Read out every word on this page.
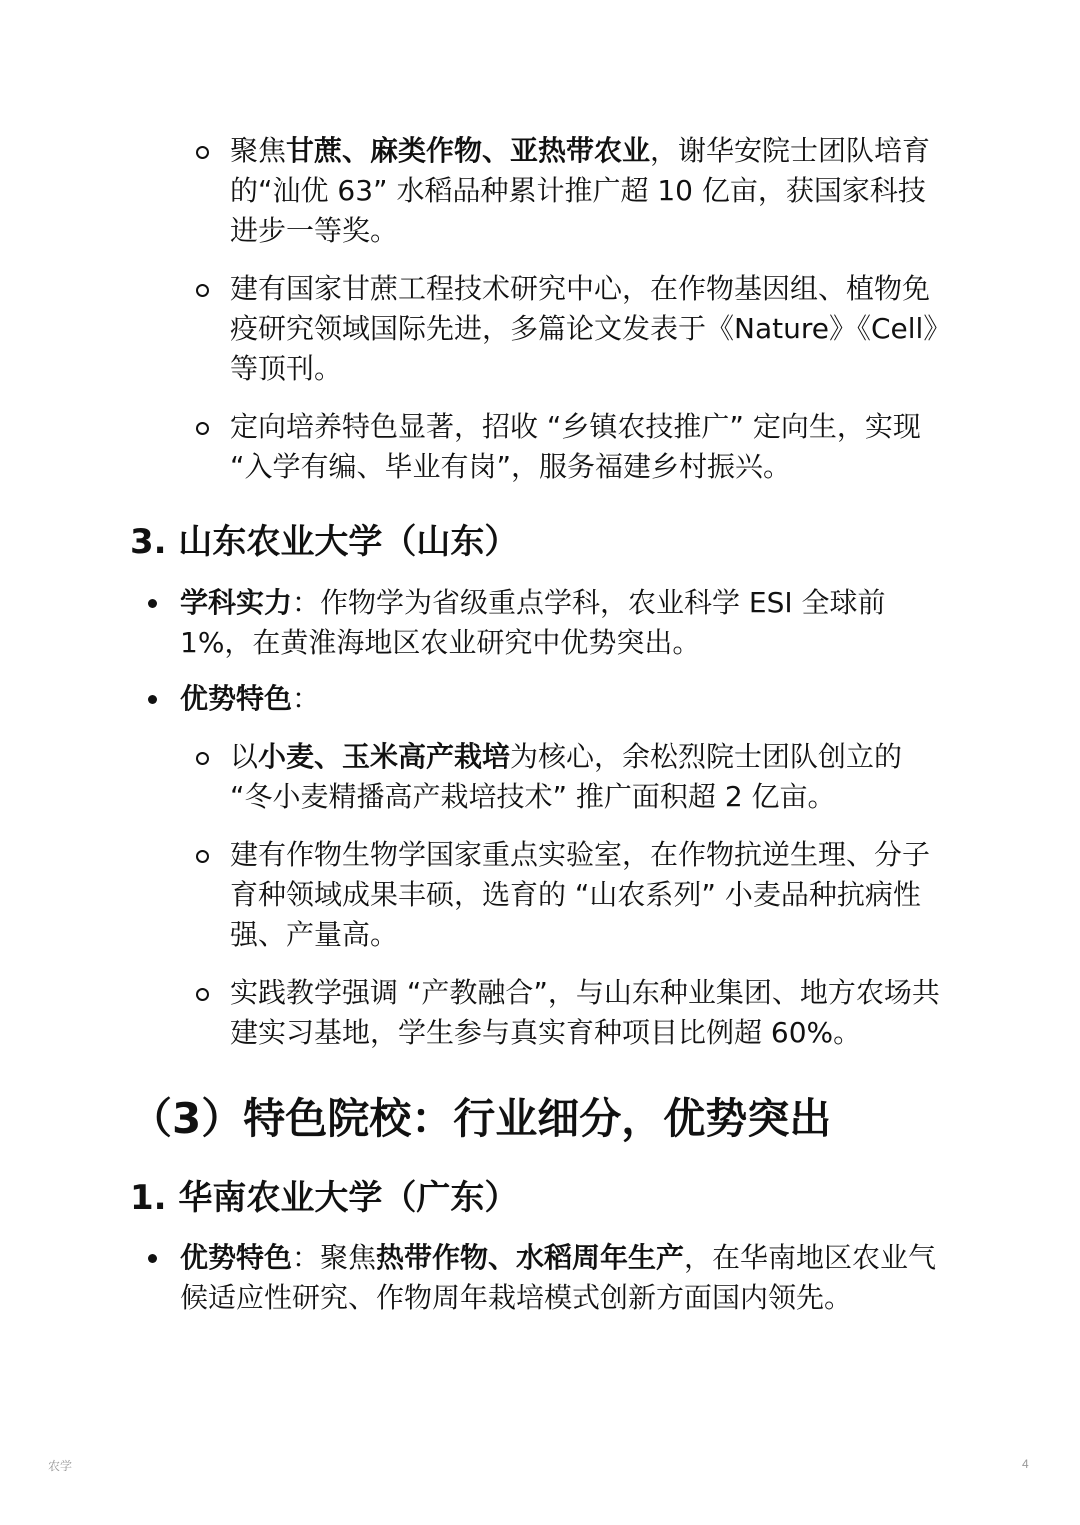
聚焦甘蔗、麻类作物、亚热带农业，谢华安院士团队培育的“汕优 63” 水稻品种累计推广超 10 亿亩，获国家科技进步一等奖。
建有国家甘蔗工程技术研究中心，在作物基因组、植物免疫研究领域国际先进，多篇论文发表于《Nature》《Cell》等顶刊。
定向培养特色显著，招收 “乡镇农技推广” 定向生，实现 “入学有编、毕业有岗”，服务福建乡村振兴。
3. 山东农业大学（山东）
学科实力：作物学为省级重点学科，农业科学 ESI 全球前 1%，在黄淮海地区农业研究中优势突出。
优势特色：
以小麦、玉米高产栽培为核心，余松烈院士团队创立的 “冬小麦精播高产栽培技术” 推广面积超 2 亿亩。
建有作物生物学国家重点实验室，在作物抗逆生理、分子育种领域成果丰硕，选育的 “山农系列” 小麦品种抗病性强、产量高。
实践教学强调 “产教融合”，与山东种业集团、地方农场共建实习基地，学生参与真实育种项目比例超 60%。
（3）特色院校：行业细分，优势突出
1. 华南农业大学（广东）
优势特色：聚焦热带作物、水稻周年生产，在华南地区农业气候适应性研究、作物周年栽培模式创新方面国内领先。
农学	4
